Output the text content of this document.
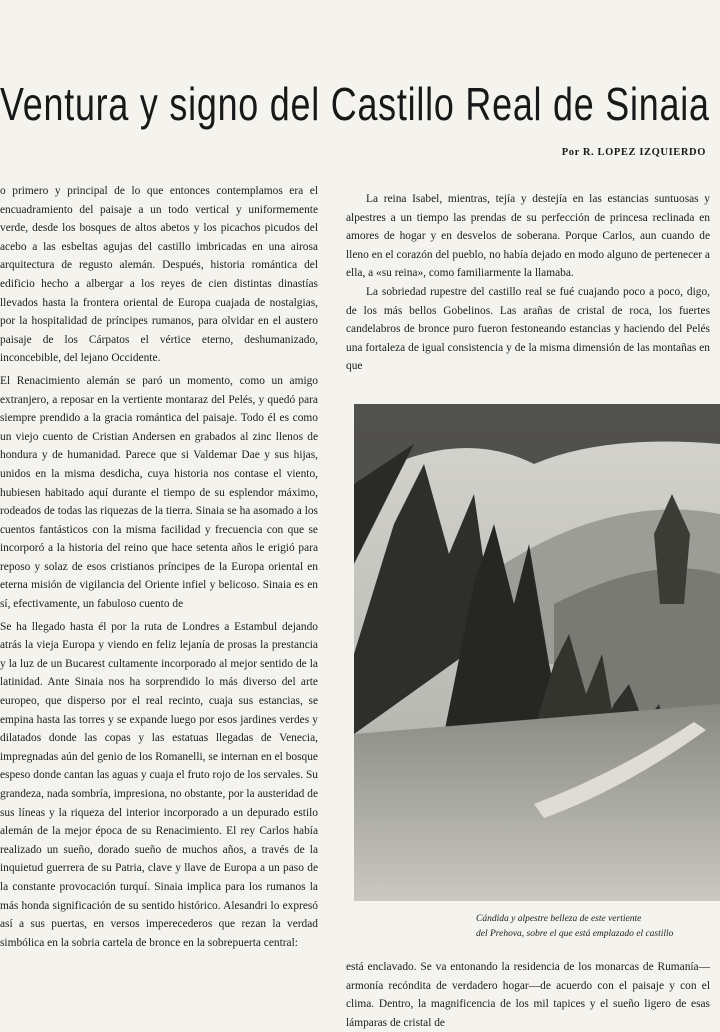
Ventura y signo del Castillo Real de Sinaia
Por R. LOPEZ IZQUIERDO

o primero y principal de lo que entonces contemplamos era el encuadramiento del paisaje a un todo vertical y uniformemente verde, desde los bosques de altos abetos y los picachos picudos del acebo a las esbeltas agujas del castillo imbricadas en una airosa arquitectura de regusto alemán. Después, historia romántica del edificio hecho a albergar a los reyes de cien distintas dinastías llevados hasta la frontera oriental de Europa cuajada de nostalgias, por la hospitalidad de príncipes rumanos, para olvidar en el austero paisaje de los Cárpatos el vértice eterno, deshumanizado, inconcebible, del lejano Occidente.

El Renacimiento alemán se paró un momento, como un amigo extranjero, a reposar en la vertiente montaraz del Pelés, y quedó para siempre prendido a la gracia romántica del paisaje. Todo él es como un viejo cuento de Cristian Andersen en grabados al zinc llenos de hondura y de humanidad. Parece que si Valdemar Dae y sus hijas, unidos en la misma desdicha, cuya historia nos contase el viento, hubiesen habitado aquí durante el tiempo de su esplendor máximo, rodeados de todas las riquezas de la tierra. Sinaia se ha asomado a los cuentos fantásticos con la misma facilidad y frecuencia con que se incorporó a la historia del reino que hace setenta años le erigió para reposo y solaz de esos cristianos príncipes de la Europa oriental en eterna misión de vigilancia del Oriente infiel y belicoso. Sinaia es en sí, efectivamente, un fabuloso cuento de

Se ha llegado hasta él por la ruta de Londres a Estambul dejando atrás la vieja Europa y viendo en feliz lejanía de prosas la prestancia y la luz de un Bucarest cultamente incorporado al mejor sentido de la latinidad. Ante Sinaia nos ha sorprendido lo más diverso del arte europeo, que disperso por el real recinto, cuaja sus estancias, se empina hasta las torres y se expande luego por esos jardines verdes y dilatados donde las copas y las estatuas llegadas de Venecia, impregnadas aún del genio de los Romanelli, se internan en el bosque espeso donde cantan las aguas y cuaja el fruto rojo de los servales. Su grandeza, nada sombría, impresiona, no obstante, por la austeridad de sus líneas y la riqueza del interior incorporado a un depurado estilo alemán de la mejor época de su Renacimiento. El rey Carlos había realizado un sueño, dorado sueño de muchos años, a través de la inquietud guerrera de su Patria, clave y llave de Europa a un paso de la constante provocación turquí. Sinaia implica para los rumanos la más honda significación de su sentido histórico. Alesandri lo expresó así a sus puertas, en versos imperecederos que rezan la verdad simbólica en la sobria cartela de bronce en la sobrepuerta central:

La reina Isabel, mientras, tejía y destejía en las estancias suntuosas y alpestres a un tiempo las prendas de su perfección de princesa reclinada en amores de hogar y en desvelos de soberana. Porque Carlos, aun cuando de lleno en el corazón del pueblo, no había dejado en modo alguno de pertenecer a ella, a «su reina», como familiarmente la llamaba.

La sobriedad rupestre del castillo real se fué cuajando poco a poco, digo, de los más bellos Gobelinos. Las arañas de cristal de roca, los fuertes candelabros de bronce puro fueron festoneando estancias y haciendo del Pelés una fortaleza de igual consistencia y de la misma dimensión de las montañas en que

Cándida y alpestre belleza de este vertiente
del Prehova, sobre el que está emplazado el castillo

está enclavado. Se va entonando la residencia de los monarcas de Rumanía—armonía recóndita de verdadero hogar—de acuerdo con el paisaje y con el clima. Dentro, la magnificencia de los mil tapices y el sueño ligero de esas lámparas de cristal de
